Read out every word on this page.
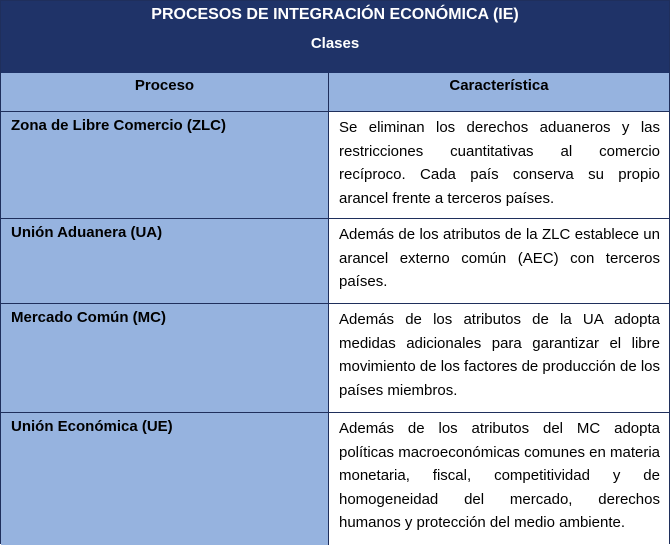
PROCESOS DE INTEGRACIÓN ECONÓMICA (IE)
Clases
Proceso	Característica
Zona de Libre Comercio (ZLC)	Se eliminan los derechos aduaneros y las restricciones cuantitativas al comercio recíproco. Cada país conserva su propio arancel frente a terceros países.
Unión Aduanera (UA)	Además de los atributos de la ZLC establece un arancel externo común (AEC) con terceros países.
Mercado Común (MC)	Además de los atributos de la UA adopta medidas adicionales para garantizar el libre movimiento de los factores de producción de los países miembros.
Unión Económica (UE)	Además de los atributos del MC adopta políticas macroeconómicas comunes en materia monetaria, fiscal, competitividad y de homogeneidad del mercado, derechos humanos y protección del medio ambiente.
